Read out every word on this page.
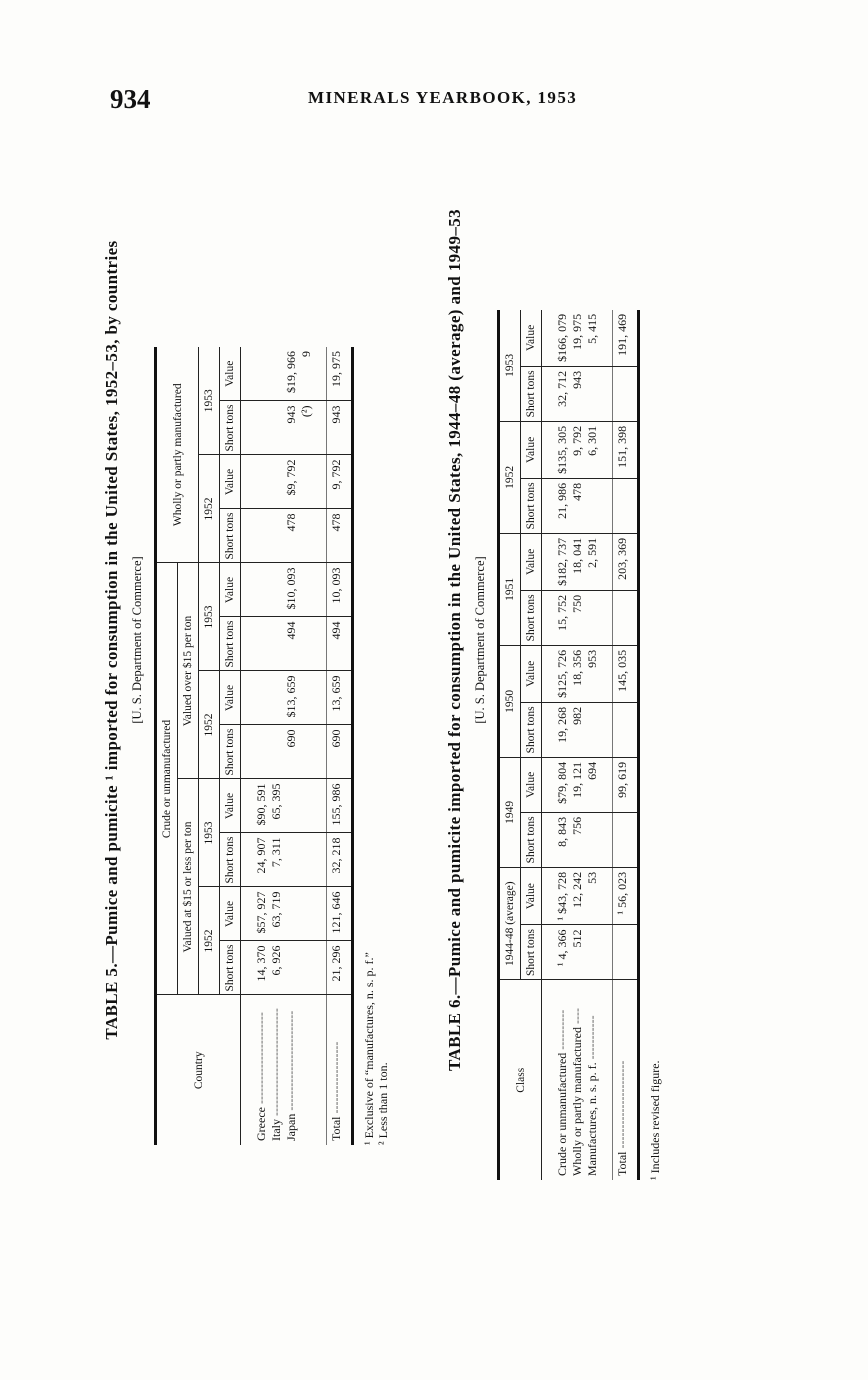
934	MINERALS YEARBOOK, 1953

TABLE 5.—Pumice and pumicite ¹ imported for consumption in the United States, 1952–53, by countries [U. S. Department of Commerce]

Country	Crude or unmanufactured								Wholly or partly manufactured			
	Valued at $15 or less per ton				Valued over $15 per ton							
	1952		1953		1952		1953		1952		1953	
	Short tons	Value	Short tons	Value	Short tons	Value	Short tons	Value	Short tons	Value	Short tons	Value
Greece -----------------------	14, 370	$57, 927	24, 907	$90, 591								
Italy ---------------------------	6, 926	63, 719	7, 311	65, 395								
Japan -------------------------					690	$13, 659	494	$10, 093	478	$9, 792	943	$19, 966
											(²)	9

Total ------------------	21, 296	121, 646	32, 218	155, 986	690	13, 659	494	10, 093	478	9, 792	943	19, 975

¹ Exclusive of “manufactures, n. s. p. f.” ² Less than 1 ton.

TABLE 6.—Pumice and pumicite imported for consumption in the United States, 1944–48 (average) and 1949–53 [U. S. Department of Commerce]

Class	1944-48 (average)		1949		1950		1951		1952		1953	
	Short tons	Value	Short tons	Value	Short tons	Value	Short tons	Value	Short tons	Value	Short tons	Value
Crude or unmanufactured ----------	¹ 4, 366	¹ $43, 728	8, 843	$79, 804	19, 268	$125, 726	15, 752	$182, 737	21, 986	$135, 305	32, 712	$166, 079
Wholly or partly manufactured ----	512	12, 242	756	19, 121	982	18, 356	750	18, 041	478	9, 792	943	19, 975
Manufactures, n. s. p. f. -----------		53		694		953		2, 591		6, 301		5, 415

Total ----------------------		¹ 56, 023		99, 619		145, 035		203, 369		151, 398		191, 469

¹ Includes revised figure.
